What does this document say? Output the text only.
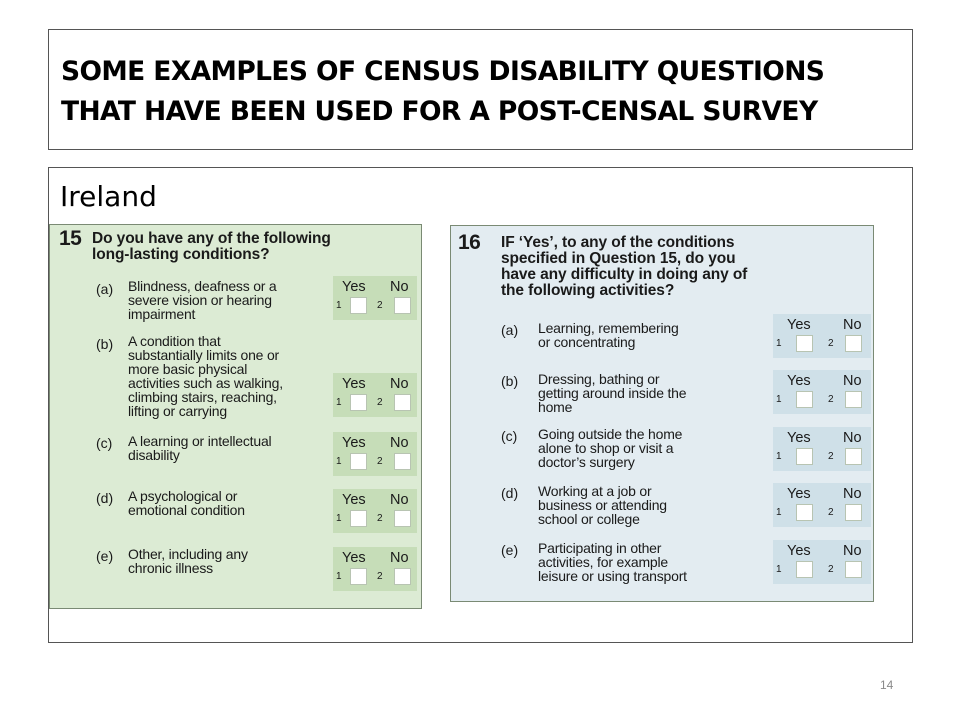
SOME EXAMPLES OF CENSUS DISABILITY QUESTIONS
THAT HAVE BEEN USED FOR A POST-CENSAL SURVEY
Ireland
15 Do you have any of the following
long-lasting conditions?
(a) Blindness, deafness or a
severe vision or hearing
impairment
Yes No
1	2
(b) A condition that
substantially limits one or
more basic physical
activities such as walking,
climbing stairs, reaching,
lifting or carrying
Yes No
1	2
(c) A learning or intellectual
disability
Yes No
1	2
(d) A psychological or
emotional condition
Yes No
1	2
(e) Other, including any
chronic illness
Yes No
1	2
16 IF ‘Yes’, to any of the conditions
specified in Question 15, do you
have any difficulty in doing any of
the following activities?
(a) Learning, remembering
or concentrating
Yes No
1	2
(b) Dressing, bathing or
getting around inside the
home
Yes No
1	2
(c) Going outside the home
alone to shop or visit a
doctor’s surgery
Yes No
1	2
(d) Working at a job or
business or attending
school or college
Yes No
1	2
(e) Participating in other
activities, for example
leisure or using transport
Yes No
1	2
14
